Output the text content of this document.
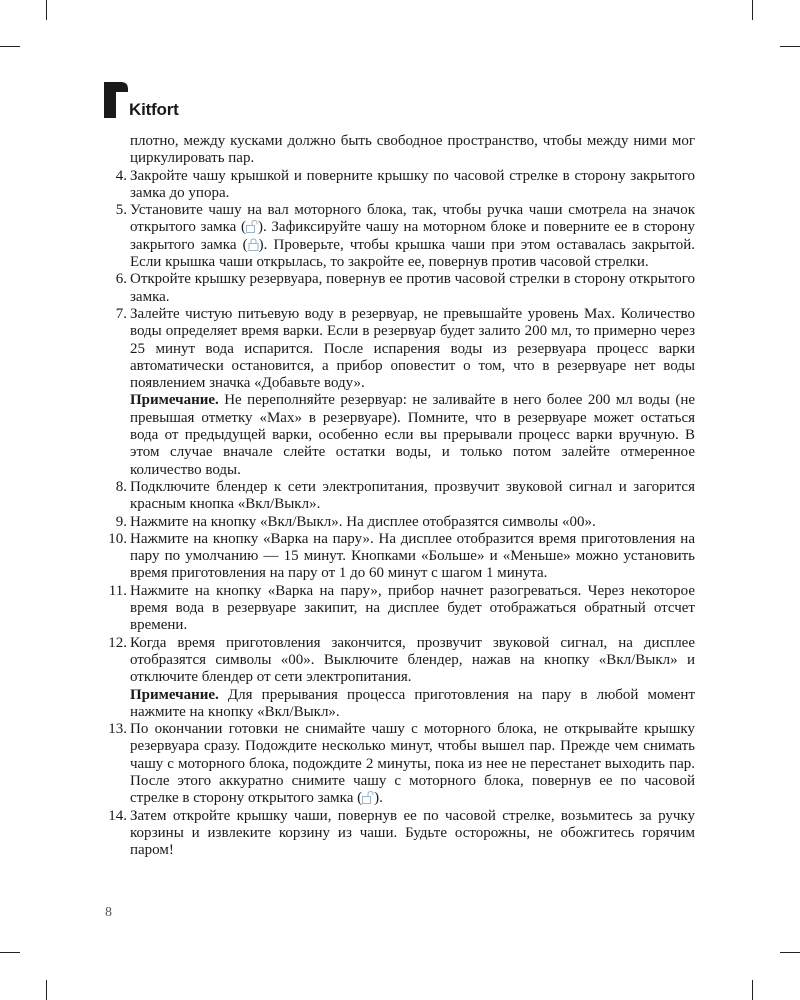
Kitfort

плотно, между кусками должно быть свободное пространство, чтобы между ними мог циркулировать пар.

4. Закройте чашу крышкой и поверните крышку по часовой стрелке в сторону закрытого замка до упора.
5. Установите чашу на вал моторного блока, так, чтобы ручка чаши смотрела на значок открытого замка ( ). Зафиксируйте чашу на моторном блоке и поверните ее в сторону закрытого замка ( ). Проверьте, чтобы крышка чаши при этом оставалась закрытой. Если крышка чаши открылась, то закройте ее, повернув против часовой стрелки.
6. Откройте крышку резервуара, повернув ее против часовой стрелки в сторону открытого замка.
7. Залейте чистую питьевую воду в резервуар, не превышайте уровень Max. Количество воды определяет время варки. Если в резервуар будет залито 200 мл, то примерно через 25 минут вода испарится. После испарения воды из резервуара процесс варки автоматически остановится, а прибор оповестит о том, что в резервуаре нет воды появлением значка «Добавьте воду».
Примечание. Не переполняйте резервуар: не заливайте в него более 200 мл воды (не превышая отметку «Max» в резервуаре). Помните, что в резервуаре может остаться вода от предыдущей варки, особенно если вы прерывали процесс варки вручную. В этом случае вначале слейте остатки воды, и только потом залейте отмеренное количество воды.
8. Подключите блендер к сети электропитания, прозвучит звуковой сигнал и загорится красным кнопка «Вкл/Выкл».
9. Нажмите на кнопку «Вкл/Выкл». На дисплее отобразятся символы «00».
10. Нажмите на кнопку «Варка на пару». На дисплее отобразится время приготовления на пару по умолчанию — 15 минут. Кнопками «Больше» и «Меньше» можно установить время приготовления на пару от 1 до 60 минут с шагом 1 минута.
11. Нажмите на кнопку «Варка на пару», прибор начнет разогреваться. Через некоторое время вода в резервуаре закипит, на дисплее будет отображаться обратный отсчет времени.
12. Когда время приготовления закончится, прозвучит звуковой сигнал, на дисплее отобразятся символы «00». Выключите блендер, нажав на кнопку «Вкл/Выкл» и отключите блендер от сети электропитания.
Примечание. Для прерывания процесса приготовления на пару в любой момент нажмите на кнопку «Вкл/Выкл».
13. По окончании готовки не снимайте чашу с моторного блока, не открывайте крышку резервуара сразу. Подождите несколько минут, чтобы вышел пар. Прежде чем снимать чашу с моторного блока, подождите 2 минуты, пока из нее не перестанет выходить пар. После этого аккуратно снимите чашу с моторного блока, повернув ее по часовой стрелке в сторону открытого замка ( ).
14. Затем откройте крышку чаши, повернув ее по часовой стрелке, возьмитесь за ручку корзины и извлеките корзину из чаши. Будьте осторожны, не обожгитесь горячим паром!
8
